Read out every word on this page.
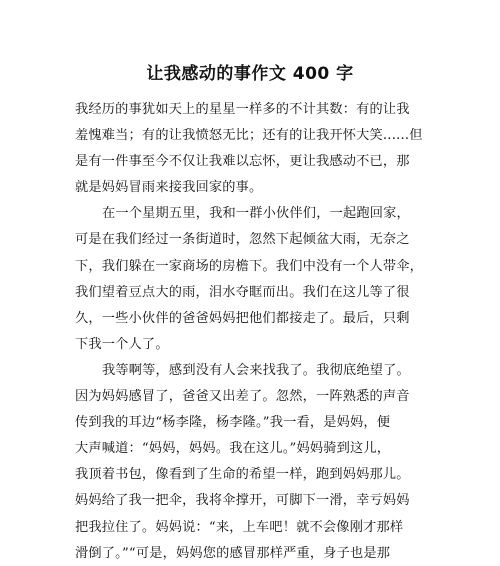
让我感动的事作文 400 字
我经历的事犹如天上的星星一样多的不计其数：有的让我
羞愧难当；有的让我愤怒无比；还有的让我开怀大笑......但
是有一件事至今不仅让我难以忘怀，更让我感动不已，那
就是妈妈冒雨来接我回家的事。
在一个星期五里，我和一群小伙伴们，一起跑回家，
可是在我们经过一条街道时，忽然下起倾盆大雨，无奈之
下，我们躲在一家商场的房檐下。我们中没有一个人带伞，
我们望着豆点大的雨，泪水夺眶而出。我们在这儿等了很
久，一些小伙伴的爸爸妈妈把他们都接走了。最后，只剩
下我一个人了。
我等啊等，感到没有人会来找我了。我彻底绝望了。
因为妈妈感冒了，爸爸又出差了。忽然，一阵熟悉的声音
传到我的耳边“杨李隆，杨李隆。”我一看，是妈妈，便
大声喊道：“妈妈，妈妈。我在这儿。”妈妈骑到这儿，
我顶着书包，像看到了生命的希望一样，跑到妈妈那儿。
妈妈给了我一把伞，我将伞撑开，可脚下一滑，幸亏妈妈
把我拉住了。妈妈说：“来，上车吧！就不会像刚才那样
滑倒了。”“可是，妈妈您的感冒那样严重，身子也是那
